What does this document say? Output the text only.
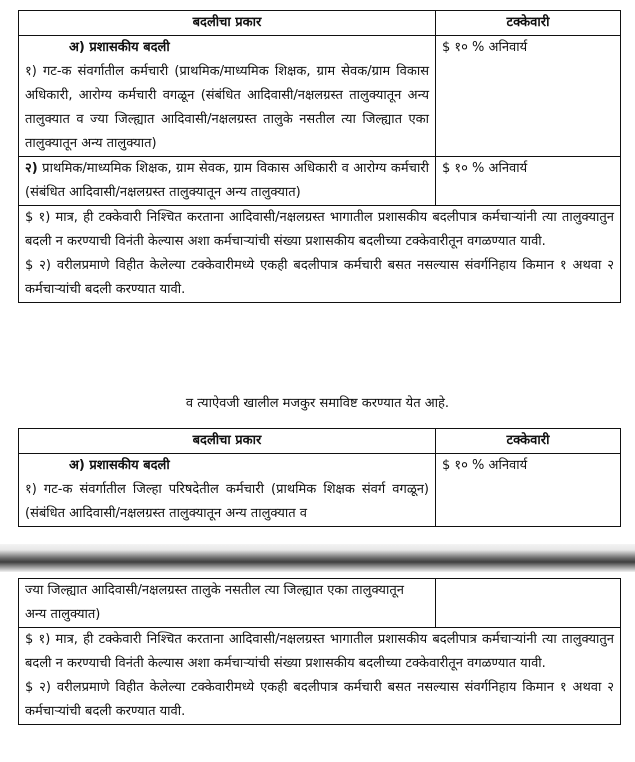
बदलीचा प्रकार	टक्केवारी

अ) प्रशासकीय बदली
१) गट-क संवर्गातील कर्मचारी (प्राथमिक/माध्यमिक शिक्षक, ग्राम सेवक/ग्राम विकास अधिकारी, आरोग्य कर्मचारी वगळून (संबंधित आदिवासी/नक्षलग्रस्त तालुक्यातून अन्य तालुक्यात व ज्या जिल्ह्यात आदिवासी/नक्षलग्रस्त तालुके नसतील त्या जिल्ह्यात एका तालुक्यातून अन्य तालुक्यात)	$ १० % अनिवार्य
२) प्राथमिक/माध्यमिक शिक्षक, ग्राम सेवक, ग्राम विकास अधिकारी व आरोग्य कर्मचारी (संबंधित आदिवासी/नक्षलग्रस्त तालुक्यातून अन्य तालुक्यात)	$ १० % अनिवार्य

$ १) मात्र, ही टक्केवारी निश्चित करताना आदिवासी/नक्षलग्रस्त भागातील प्रशासकीय बदलीपात्र कर्मचाऱ्यांनी त्या तालुक्यातुन बदली न करण्याची विनंती केल्यास अशा कर्मचाऱ्यांची संख्या प्रशासकीय बदलीच्या टक्केवारीतून वगळण्यात यावी.
$ २) वरीलप्रमाणे विहीत केलेल्या टक्केवारीमध्ये एकही बदलीपात्र कर्मचारी बसत नसल्यास संवर्गनिहाय किमान १ अथवा २ कर्मचाऱ्यांची बदली करण्यात यावी.	
व त्याऐवजी खालील मजकुर समाविष्ट करण्यात येत आहे.
बदलीचा प्रकार	टक्केवारी

अ) प्रशासकीय बदली
१) गट-क संवर्गातील जिल्हा परिषदेतील कर्मचारी (प्राथमिक शिक्षक संवर्ग वगळून) (संबंधित आदिवासी/नक्षलग्रस्त तालुक्यातून अन्य तालुक्यात व	$ १० % अनिवार्य
ज्या जिल्ह्यात आदिवासी/नक्षलग्रस्त तालुके नसतील त्या जिल्ह्यात एका तालुक्यातून अन्य तालुक्यात)	

$ १) मात्र, ही टक्केवारी निश्चित करताना आदिवासी/नक्षलग्रस्त भागातील प्रशासकीय बदलीपात्र कर्मचाऱ्यांनी त्या तालुक्यातुन बदली न करण्याची विनंती केल्यास अशा कर्मचाऱ्यांची संख्या प्रशासकीय बदलीच्या टक्केवारीतून वगळण्यात यावी.
$ २) वरीलप्रमाणे विहीत केलेल्या टक्केवारीमध्ये एकही बदलीपात्र कर्मचारी बसत नसल्यास संवर्गनिहाय किमान १ अथवा २ कर्मचाऱ्यांची बदली करण्यात यावी.
